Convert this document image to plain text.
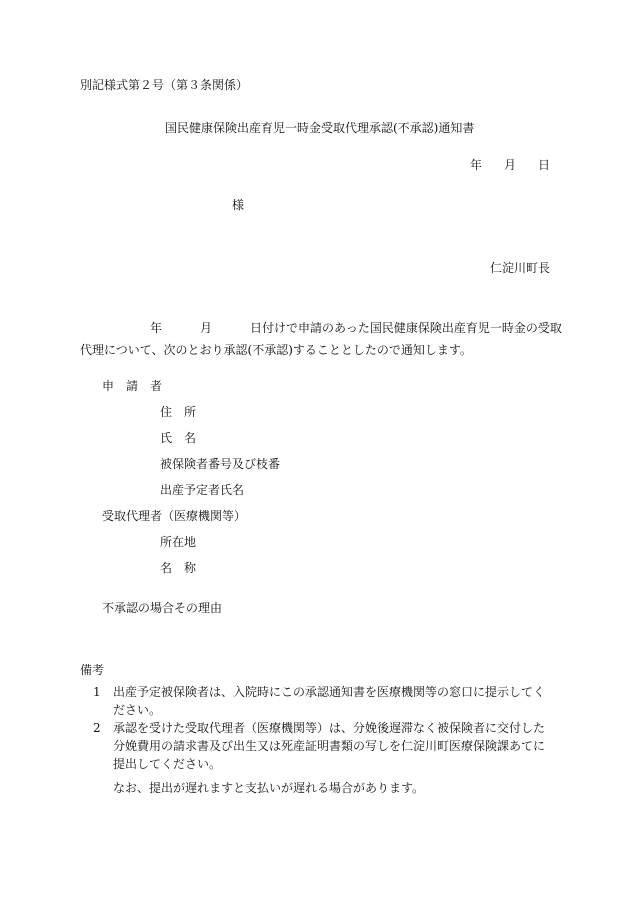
別記様式第２号（第３条関係）
国民健康保険出産育児一時金受取代理承認(不承認)通知書
年 月 日
様
仁淀川町長
年	月	日付けで申請のあった国民健康保険出産育児一時金の受取
代理について、次のとおり承認(不承認)することとしたので通知します。
申　請　者
住　所
氏　名
被保険者番号及び枝番
出産予定者氏名
受取代理者（医療機関等）
所在地
名　称
不承認の場合その理由
備考
1	出産予定被保険者は、入院時にこの承認通知書を医療機関等の窓口に提示してください。
2	承認を受けた受取代理者（医療機関等）は、分娩後遅滞なく被保険者に交付した分娩費用の請求書及び出生又は死産証明書類の写しを仁淀川町医療保険課あてに提出してください。
なお、提出が遅れますと支払いが遅れる場合があります。
